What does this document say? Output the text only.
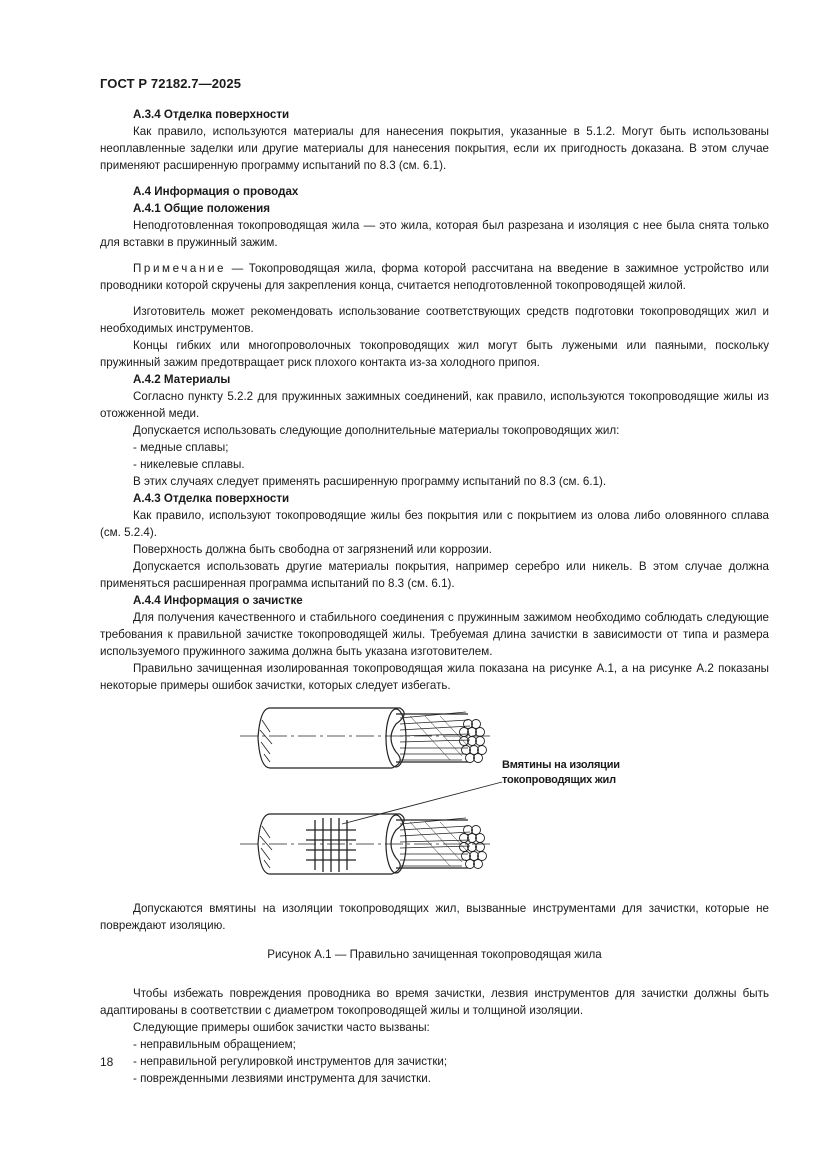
ГОСТ Р 72182.7—2025

А.3.4 Отделка поверхности

Как правило, используются материалы для нанесения покрытия, указанные в 5.1.2. Могут быть использованы неоплавленные заделки или другие материалы для нанесения покрытия, если их пригодность доказана. В этом случае применяют расширенную программу испытаний по 8.3 (см. 6.1).

А.4 Информация о проводах

А.4.1 Общие положения

Неподготовленная токопроводящая жила — это жила, которая был разрезана и изоляция с нее была снята только для вставки в пружинный зажим.

Примечание — Токопроводящая жила, форма которой рассчитана на введение в зажимное устройство или проводники которой скручены для закрепления конца, считается неподготовленной токопроводящей жилой.

Изготовитель может рекомендовать использование соответствующих средств подготовки токопроводящих жил и необходимых инструментов.

Концы гибких или многопроволочных токопроводящих жил могут быть лужеными или паяными, поскольку пружинный зажим предотвращает риск плохого контакта из-за холодного припоя.

А.4.2 Материалы

Согласно пункту 5.2.2 для пружинных зажимных соединений, как правило, используются токопроводящие жилы из отожженной меди.

Допускается использовать следующие дополнительные материалы токопроводящих жил:

- медные сплавы;

- никелевые сплавы.

В этих случаях следует применять расширенную программу испытаний по 8.3 (см. 6.1).

А.4.3 Отделка поверхности

Как правило, используют токопроводящие жилы без покрытия или с покрытием из олова либо оловянного сплава (см. 5.2.4).

Поверхность должна быть свободна от загрязнений или коррозии.

Допускается использовать другие материалы покрытия, например серебро или никель. В этом случае должна применяться расширенная программа испытаний по 8.3 (см. 6.1).

А.4.4 Информация о зачистке

Для получения качественного и стабильного соединения с пружинным зажимом необходимо соблюдать следующие требования к правильной зачистке токопроводящей жилы. Требуемая длина зачистки в зависимости от типа и размера используемого пружинного зажима должна быть указана изготовителем.

Правильно зачищенная изолированная токопроводящая жила показана на рисунке А.1, а на рисунке А.2 показаны некоторые примеры ошибок зачистки, которых следует избегать.

Вмятины на изоляции
токопроводящих жил

Допускаются вмятины на изоляции токопроводящих жил, вызванные инструментами для зачистки, которые не повреждают изоляцию.

Рисунок А.1 — Правильно зачищенная токопроводящая жила

Чтобы избежать повреждения проводника во время зачистки, лезвия инструментов для зачистки должны быть адаптированы в соответствии с диаметром токопроводящей жилы и толщиной изоляции.

Следующие примеры ошибок зачистки часто вызваны:

- неправильным обращением;

- неправильной регулировкой инструментов для зачистки;

- поврежденными лезвиями инструмента для зачистки.

18
